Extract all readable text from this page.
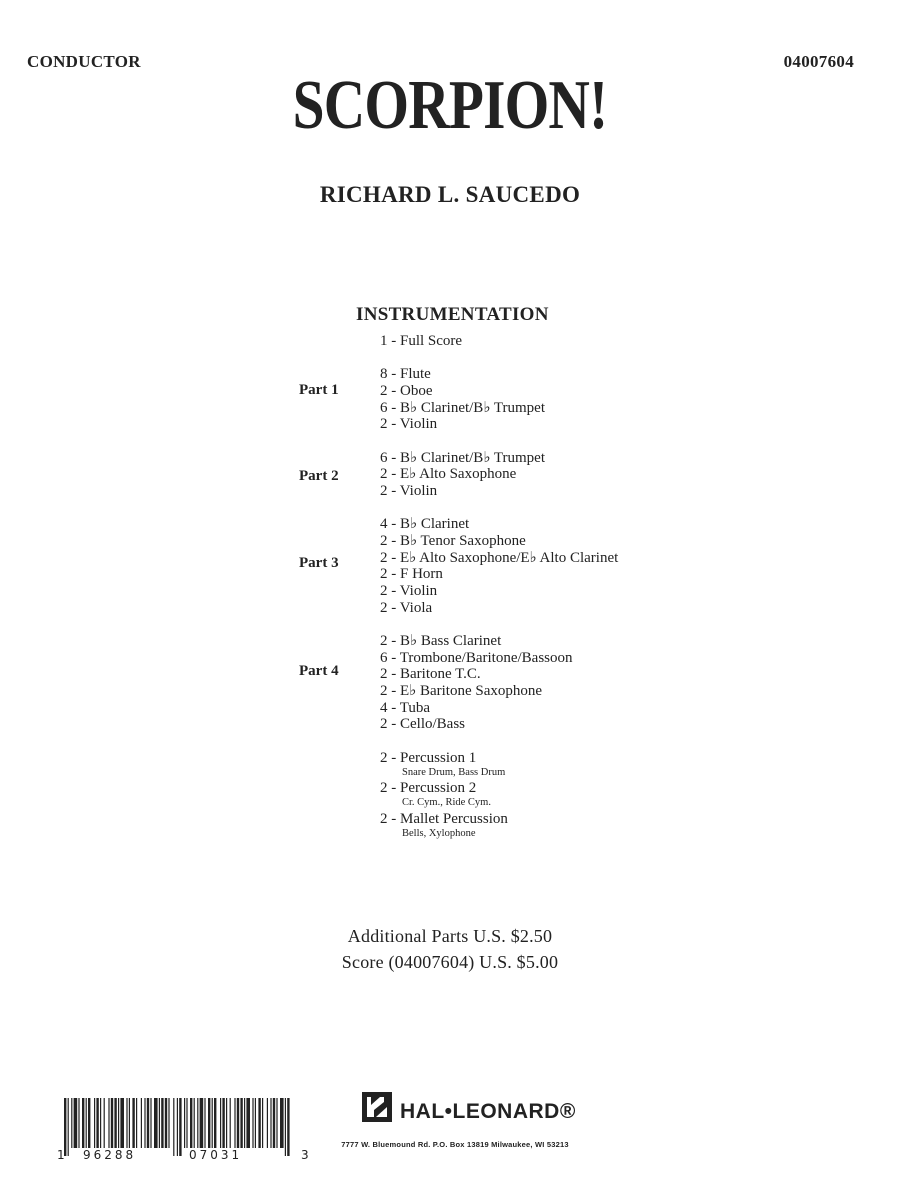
CONDUCTOR	04007604
SCORPION!
RICHARD L. SAUCEDO
INSTRUMENTATION
1 - Full Score
Part 1
8 - Flute
2 - Oboe
6 - B♭ Clarinet/B♭ Trumpet
2 - Violin
Part 2
6 - B♭ Clarinet/B♭ Trumpet
2 - E♭ Alto Saxophone
2 - Violin
Part 3
4 - B♭ Clarinet
2 - B♭ Tenor Saxophone
2 - E♭ Alto Saxophone/E♭ Alto Clarinet
2 - F Horn
2 - Violin
2 - Viola
Part 4
2 - B♭ Bass Clarinet
6 - Trombone/Baritone/Bassoon
2 - Baritone T.C.
2 - E♭ Baritone Saxophone
4 - Tuba
2 - Cello/Bass
2 - Percussion 1
Snare Drum, Bass Drum
2 - Percussion 2
Cr. Cym., Ride Cym.
2 - Mallet Percussion
Bells, Xylophone
Additional Parts U.S. $2.50
Score (04007604) U.S. $5.00
1 96288	07031	3
HAL•LEONARD®
7777 W. Bluemound Rd. P.O. Box 13819 Milwaukee, WI 53213
